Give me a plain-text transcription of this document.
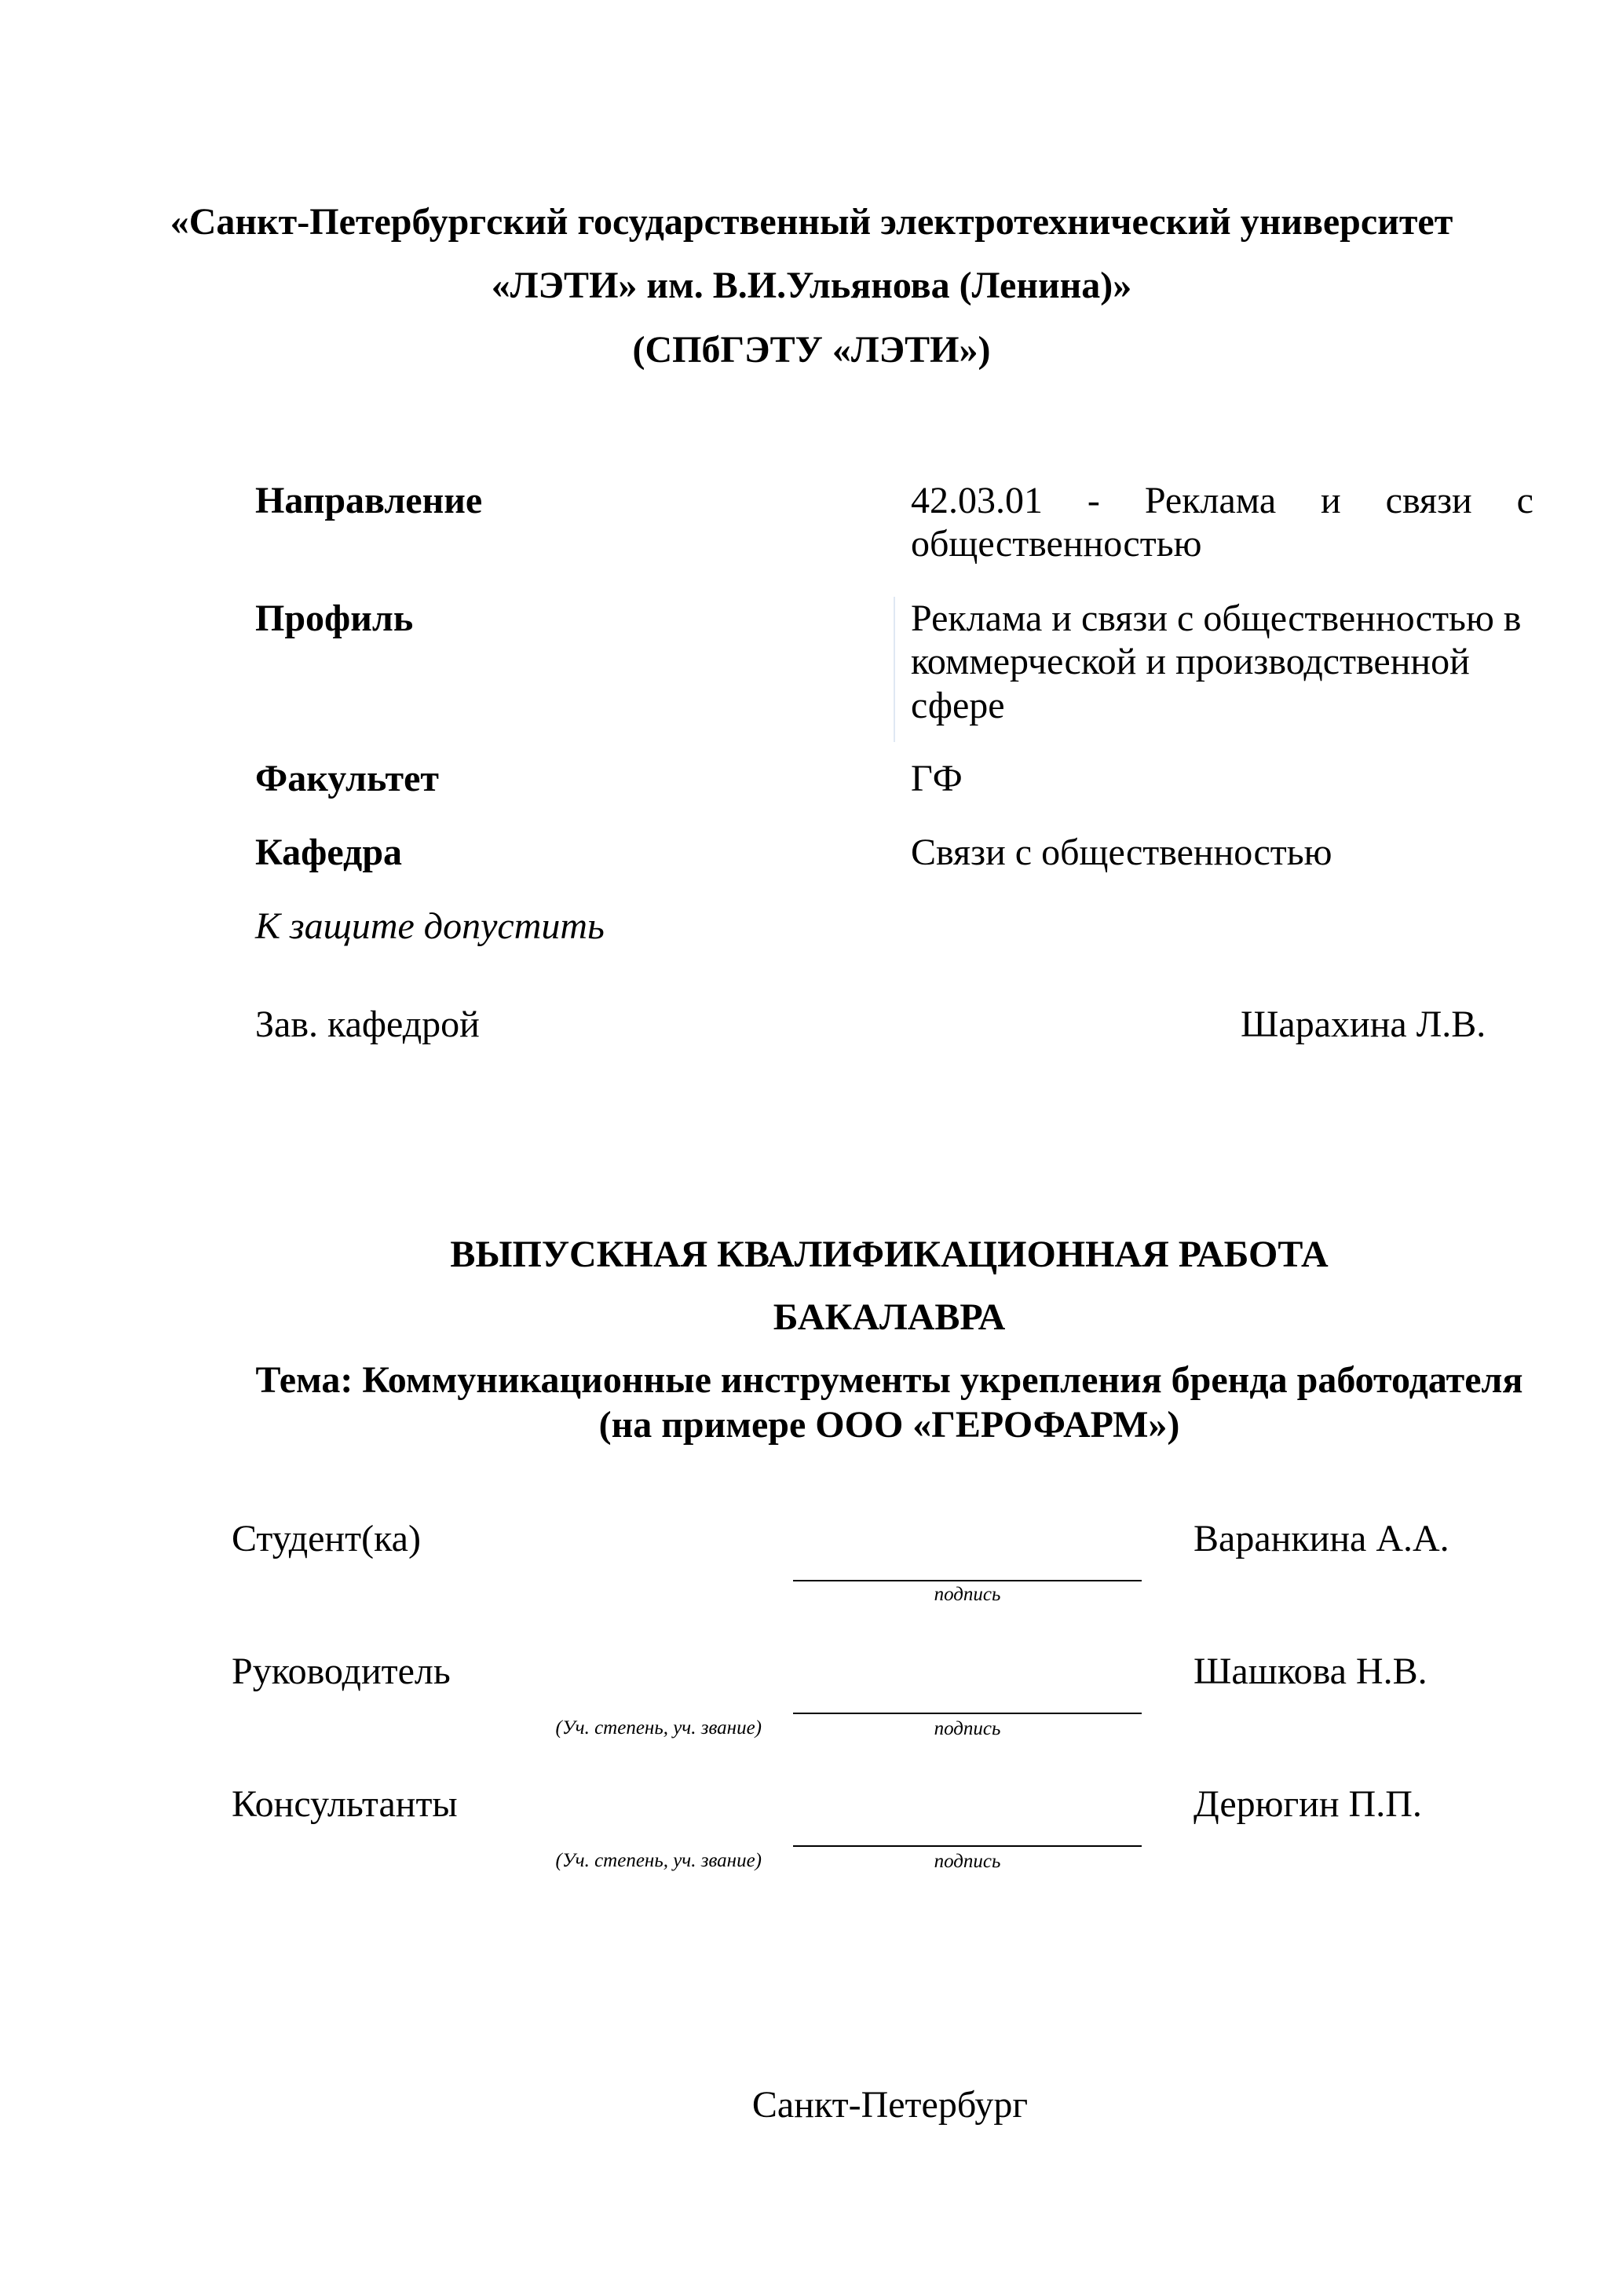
«Санкт-Петербургский государственный электротехнический университет
«ЛЭТИ» им. В.И.Ульянова (Ленина)»
(СПбГЭТУ «ЛЭТИ»)
Направление	42.03.01 - Реклама и связи с
общественностью
Профиль	Реклама и связи с общественностью в
коммерческой и производственной
сфере
Факультет	ГФ
Кафедра	Связи с общественностью
К защите допустить
Зав. кафедрой	Шарахина Л.В.
ВЫПУСКНАЯ КВАЛИФИКАЦИОННАЯ РАБОТА
БАКАЛАВРА
Тема: Коммуникационные инструменты укрепления бренда работодателя
(на примере ООО «ГЕРОФАРМ»)
Студент(ка)	Варанкина А.А.
подпись
Руководитель	Шашкова Н.В.
(Уч. степень, уч. звание)	подпись
Консультанты	Дерюгин П.П.
(Уч. степень, уч. звание)	подпись
Санкт-Петербург
